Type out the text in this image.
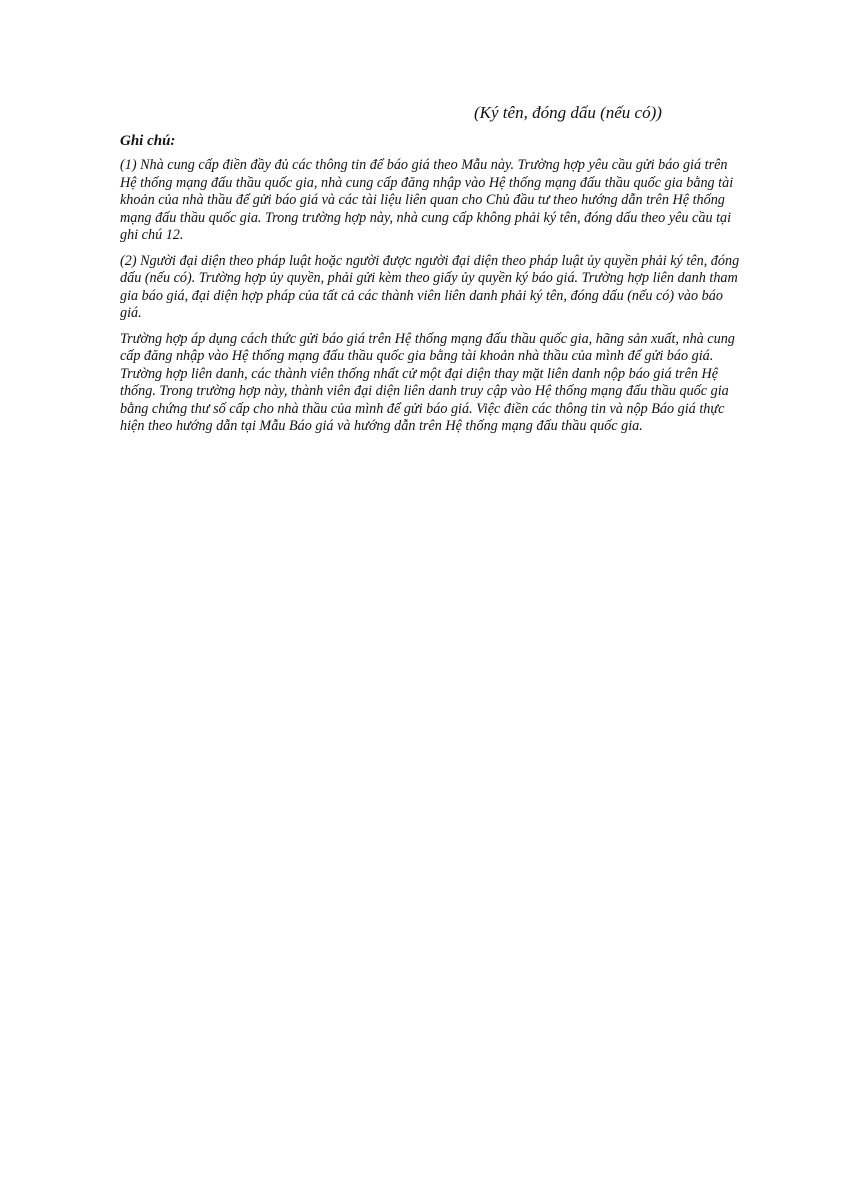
(Ký tên, đóng dấu (nếu có))
Ghi chú:

(1) Nhà cung cấp điền đầy đủ các thông tin để báo giá theo Mẫu này. Trường hợp yêu cầu gửi báo giá trên Hệ thống mạng đấu thầu quốc gia, nhà cung cấp đăng nhập vào Hệ thống mạng đấu thầu quốc gia bằng tài khoản của nhà thầu để gửi báo giá và các tài liệu liên quan cho Chủ đầu tư theo hướng dẫn trên Hệ thống mạng đấu thầu quốc gia. Trong trường hợp này, nhà cung cấp không phải ký tên, đóng dấu theo yêu cầu tại ghi chú 12.

(2) Người đại diện theo pháp luật hoặc người được người đại diện theo pháp luật ủy quyền phải ký tên, đóng dấu (nếu có). Trường hợp ủy quyền, phải gửi kèm theo giấy ủy quyền ký báo giá. Trường hợp liên danh tham gia báo giá, đại diện hợp pháp của tất cả các thành viên liên danh phải ký tên, đóng dấu (nếu có) vào báo giá.

Trường hợp áp dụng cách thức gửi báo giá trên Hệ thống mạng đấu thầu quốc gia, hãng sản xuất, nhà cung cấp đăng nhập vào Hệ thống mạng đấu thầu quốc gia bằng tài khoản nhà thầu của mình để gửi báo giá. Trường hợp liên danh, các thành viên thống nhất cử một đại diện thay mặt liên danh nộp báo giá trên Hệ thống. Trong trường hợp này, thành viên đại diện liên danh truy cập vào Hệ thống mạng đấu thầu quốc gia bằng chứng thư số cấp cho nhà thầu của mình để gửi báo giá. Việc điền các thông tin và nộp Báo giá thực hiện theo hướng dẫn tại Mẫu Báo giá và hướng dẫn trên Hệ thống mạng đấu thầu quốc gia.
